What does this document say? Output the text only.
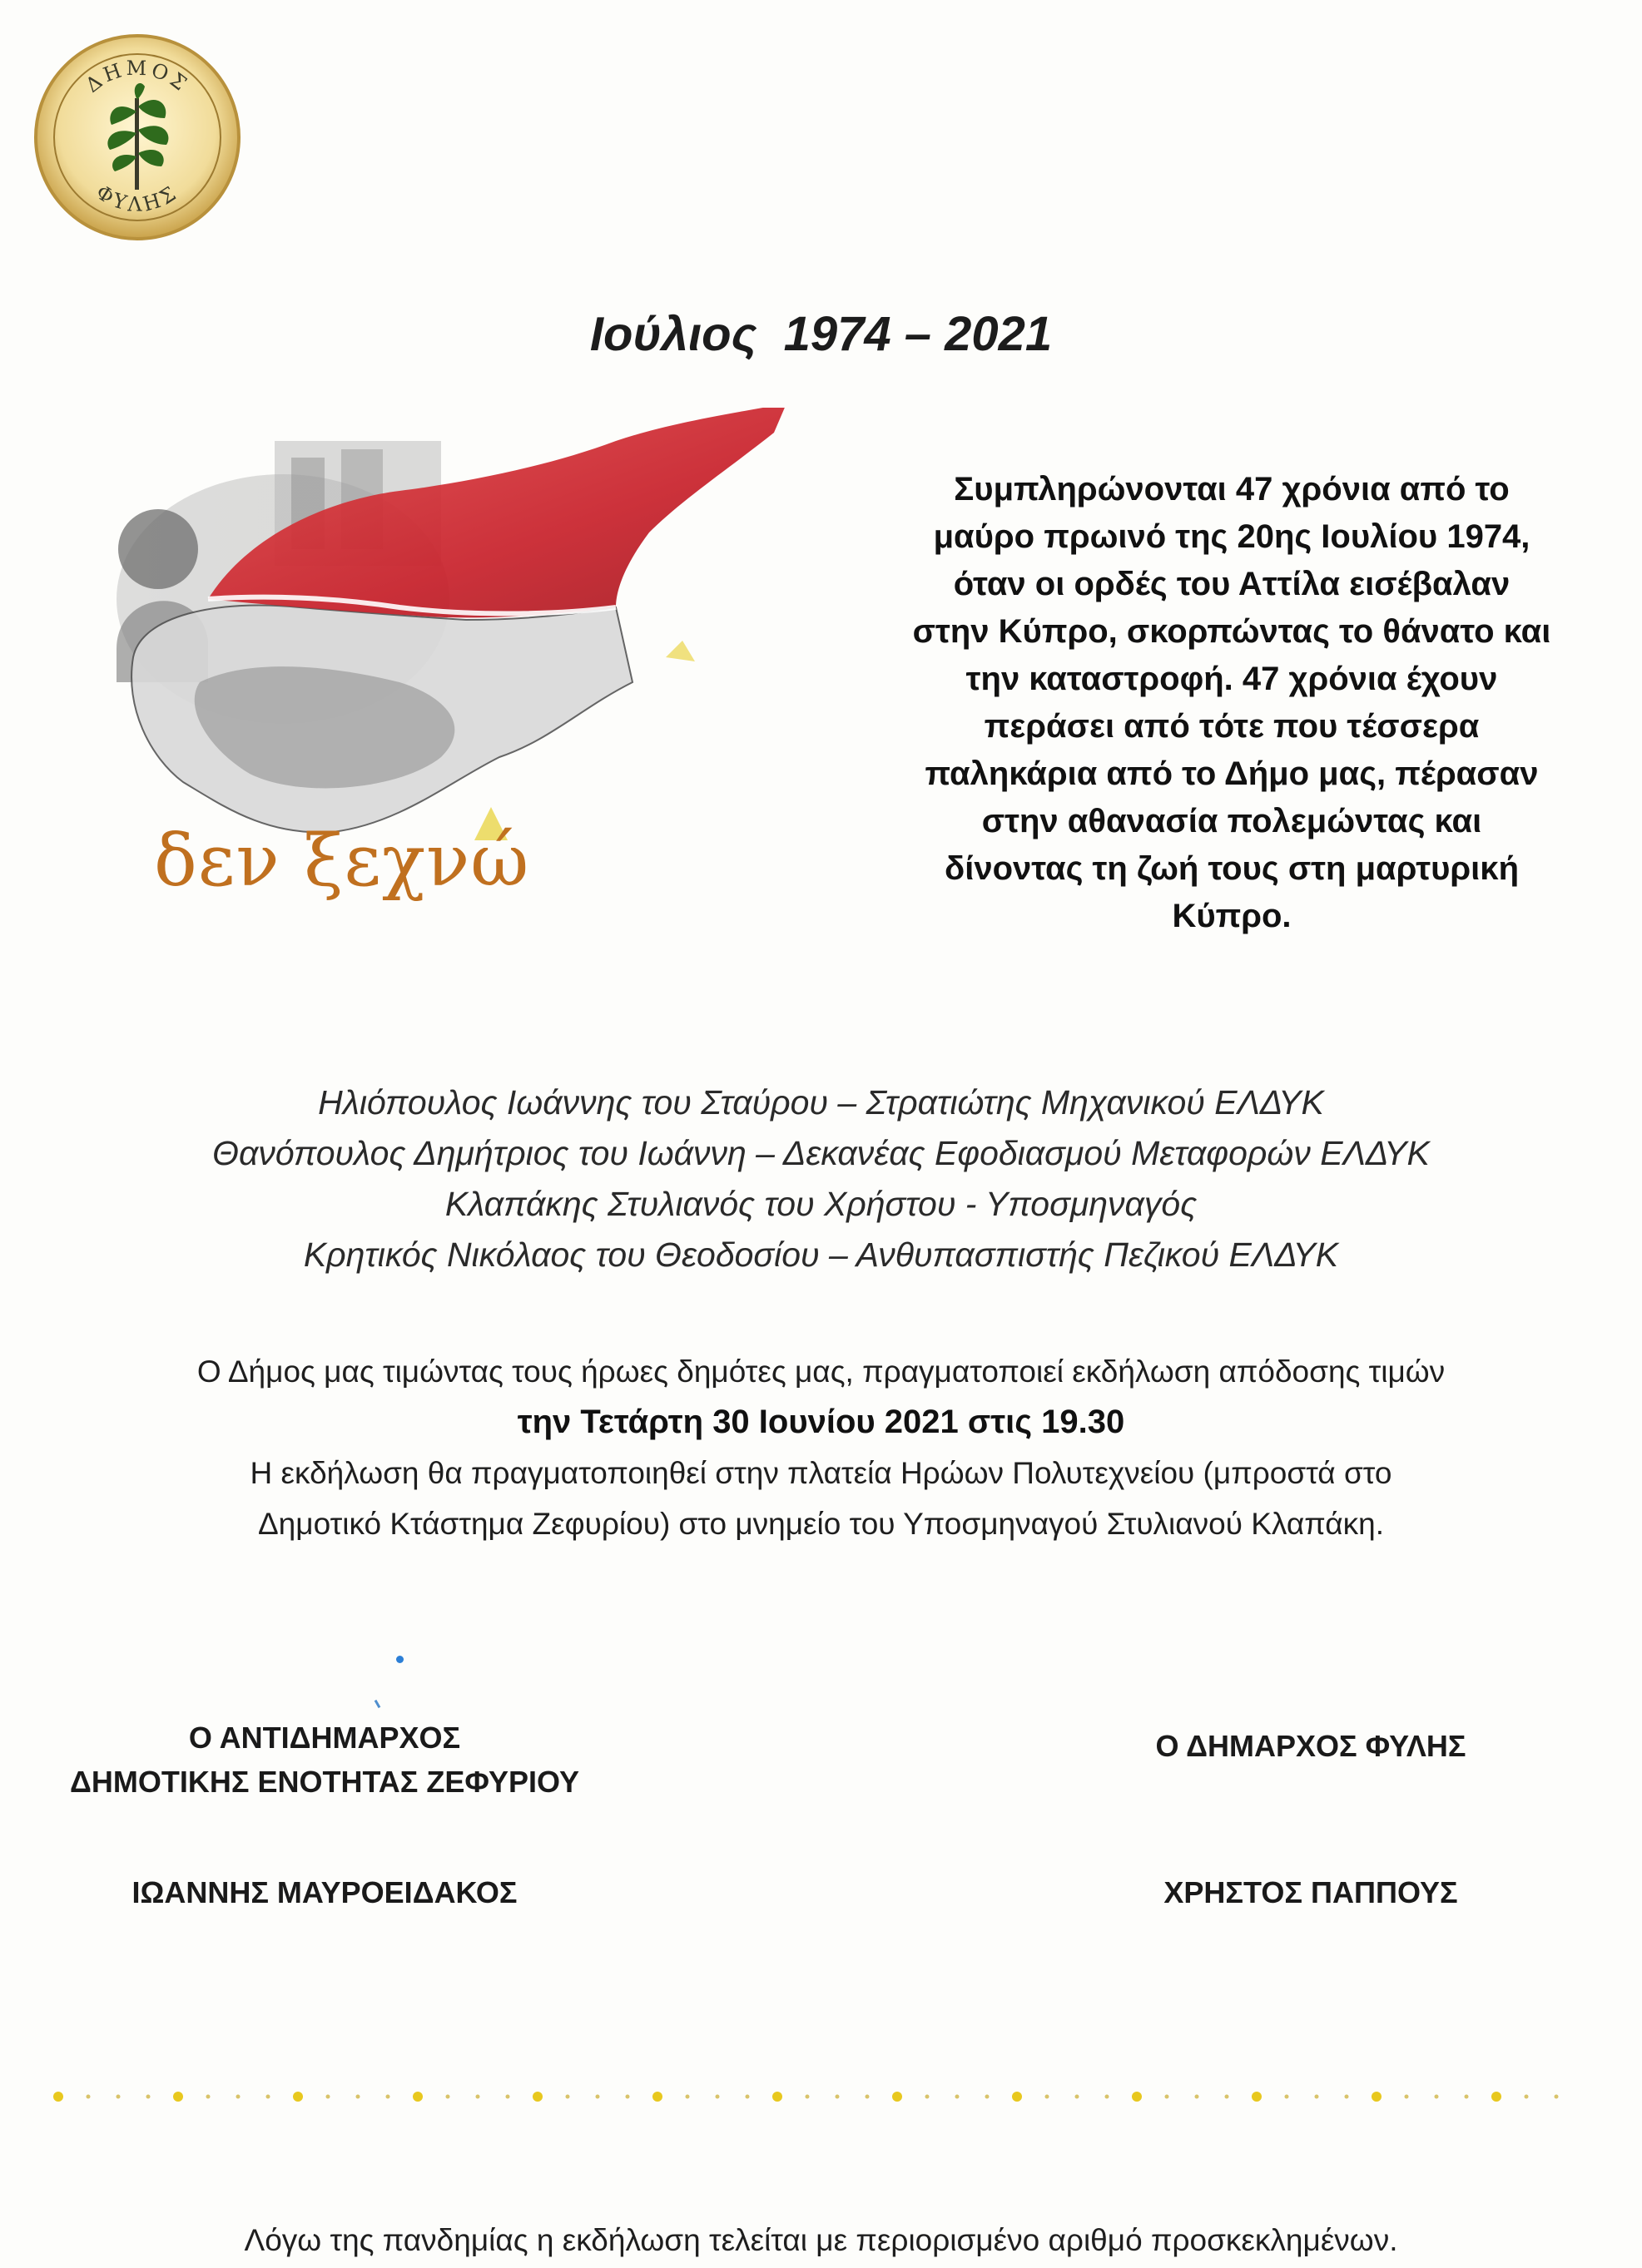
ΔΗΜΟΣ
ΦΥΛΗΣ
Ιούλιος  1974 – 2021

δεν ξεχνώ

Συμπληρώνονται 47 χρόνια από το
μαύρο πρωινό της 20ης Ιουλίου 1974,
όταν οι ορδές του Αττίλα εισέβαλαν
στην Κύπρο, σκορπώντας το θάνατο και
την καταστροφή. 47 χρόνια έχουν
περάσει από τότε που τέσσερα
παληκάρια από το Δήμο μας, πέρασαν
στην αθανασία πολεμώντας και
δίνοντας τη ζωή τους στη μαρτυρική
Κύπρο.
Ηλιόπουλος Ιωάννης του Σταύρου – Στρατιώτης Μηχανικού ΕΛΔΥΚ
Θανόπουλος Δημήτριος του Ιωάννη – Δεκανέας Εφοδιασμού Μεταφορών ΕΛΔΥΚ
Κλαπάκης Στυλιανός του Χρήστου - Υποσμηναγός
Κρητικός Νικόλαος του Θεοδοσίου – Ανθυπασπιστής Πεζικού ΕΛΔΥΚ
Ο Δήμος μας τιμώντας τους ήρωες δημότες μας, πραγματοποιεί εκδήλωση απόδοσης τιμών
την Τετάρτη 30 Ιουνίου 2021 στις 19.30
Η εκδήλωση θα πραγματοποιηθεί στην πλατεία Ηρώων Πολυτεχνείου (μπροστά στο
Δημοτικό Κτάστημα Ζεφυρίου) στο μνημείο του Υποσμηναγού Στυλιανού Κλαπάκη.
Ο ΑΝΤΙΔΗΜΑΡΧΟΣ
ΔΗΜΟΤΙΚΗΣ ΕΝΟΤΗΤΑΣ ΖΕΦΥΡΙΟΥ
ΙΩΑΝΝΗΣ ΜΑΥΡΟΕΙΔΑΚΟΣ
Ο ΔΗΜΑΡΧΟΣ ΦΥΛΗΣ
ΧΡΗΣΤΟΣ ΠΑΠΠΟΥΣ

Λόγω της πανδημίας η εκδήλωση τελείται με περιορισμένο αριθμό προσκεκλημένων.
